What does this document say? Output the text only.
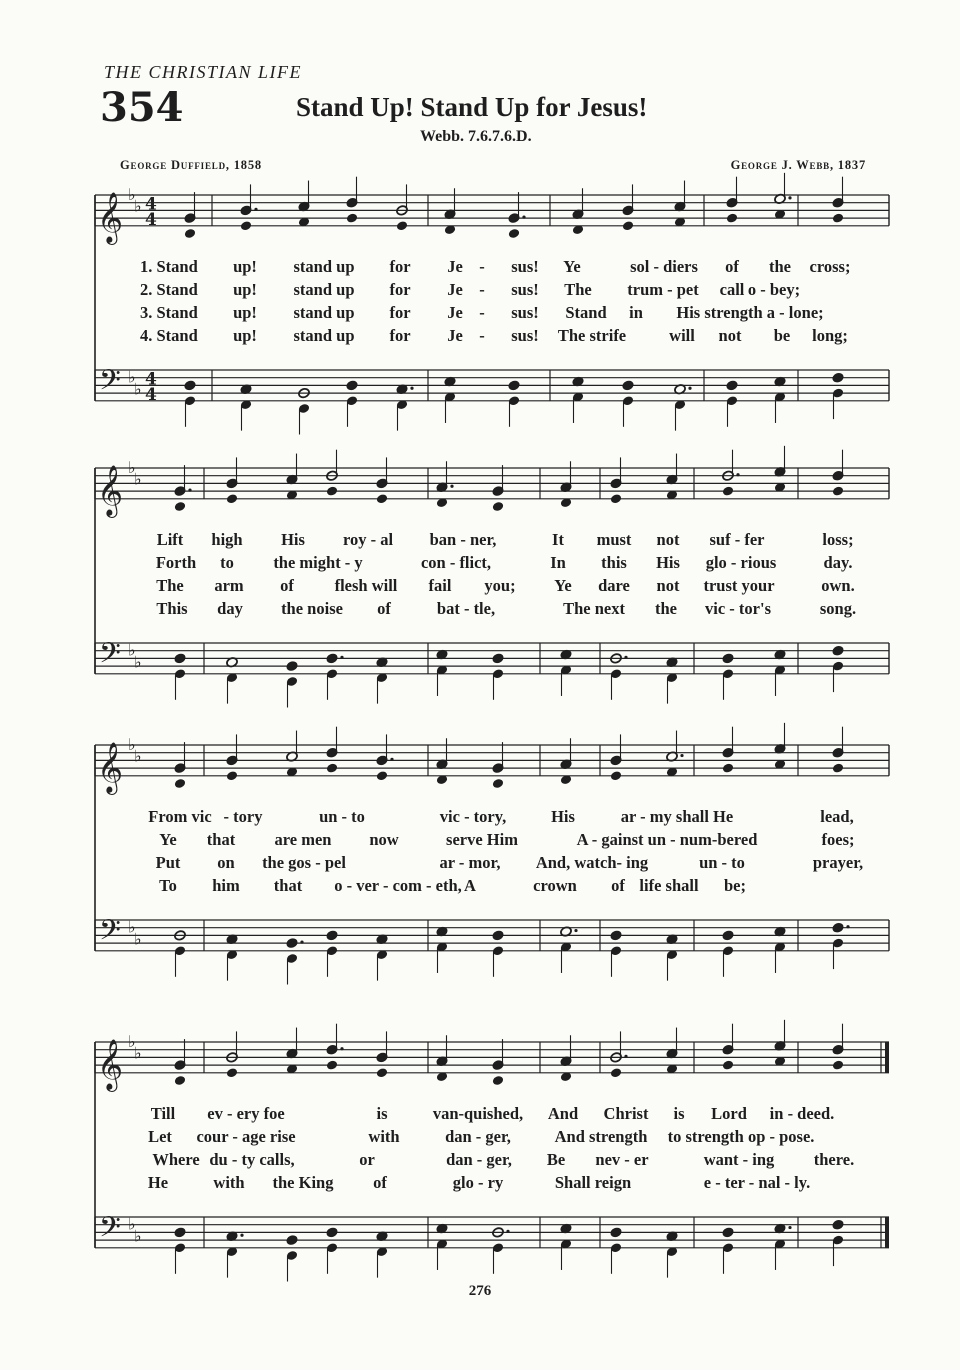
THE CHRISTIAN LIFE
354	Stand Up! Stand Up for Jesus!
Webb. 7.6.7.6.D.
George Duffield, 1858	George J. Webb, 1837
𝄞 ♭
♭ 4
4
𝄢 ♭
♭ 4
4
𝄞 ♭
♭
𝄢 ♭
♭
𝄞 ♭
♭
𝄢 ♭
♭
𝄞 ♭
♭
𝄢 ♭
♭
276
1. Stand up! stand up for Je - sus! Ye	sol - diers of the cross;
2. Stand up! stand up for Je - sus! The trum - pet call o - bey;
3. Stand up! stand up for Je - sus! Stand in His strength a - lone;
4. Stand up! stand up for Je - sus! The strife	will not be long;
Lift high His roy - al ban - ner,	It must not suf - fer	loss;
Forth to the might - y	con - flict,	In this His glo - rious	day.
The arm of flesh will fail you; Ye dare not trust your	own.
This day the noise of	bat - tle,	The next the vic - tor's	song.
From vic - tory	un - to	vic - tory,	His	ar - my shall He	lead,
Ye that are men now	serve Him	A - gainst un - num-bered	foes;
Put on the gos - pel	ar - mor, And, watch- ing	un - to	prayer,
To him that o - ver - com - eth, A	crown of life shall be;
Till ev - ery foe	is	van-quished, And Christ is Lord in - deed.
Let cour - age rise	with	dan - ger,	And strength to strength op - pose.
Where du - ty calls,	or	dan - ger, Be nev - er	want - ing there.
He	with the King of	glo - ry	Shall reign	e - ter - nal - ly.
